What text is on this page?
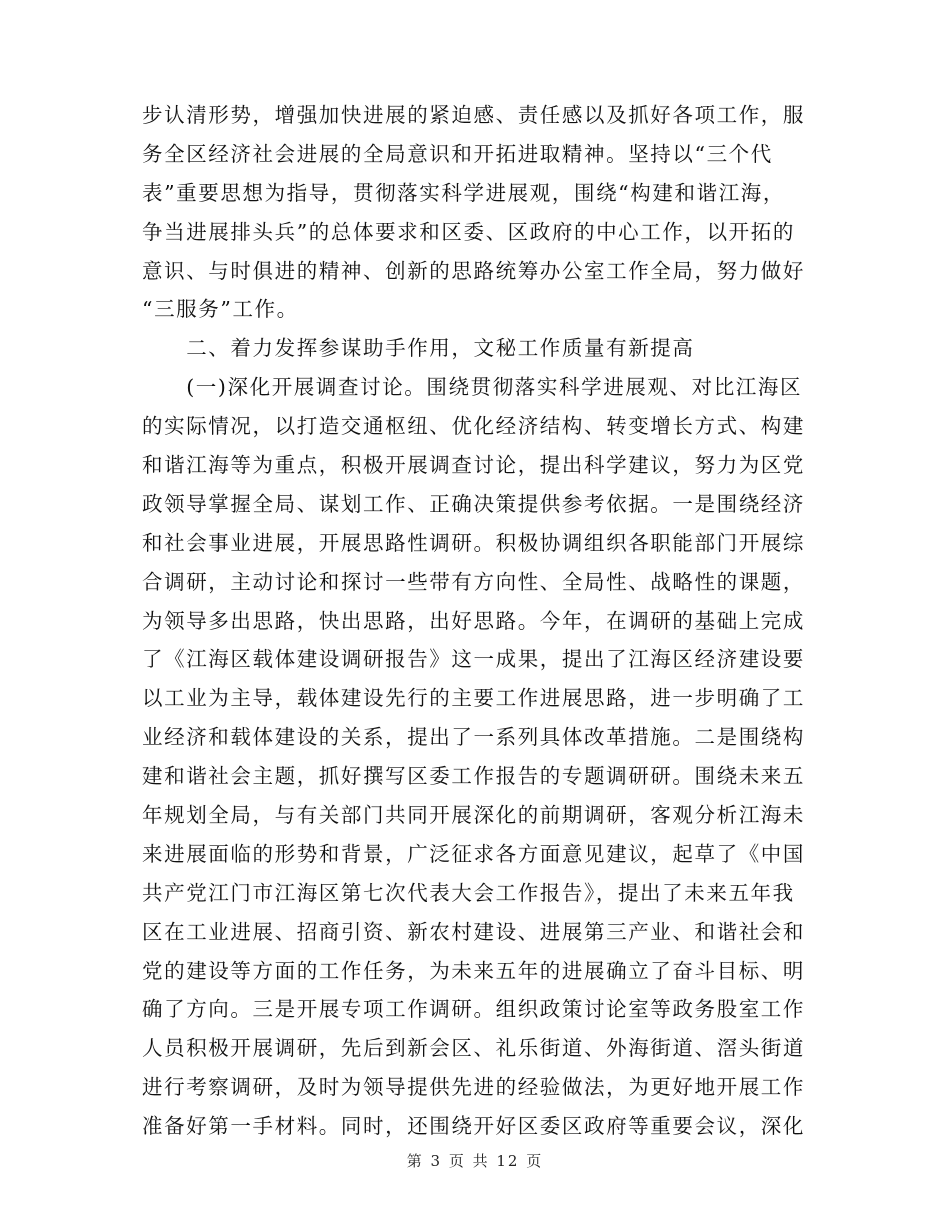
步认清形势，增强加快进展的紧迫感、责任感以及抓好各项工作，服
务全区经济社会进展的全局意识和开拓进取精神。坚持以“三个代
表”重要思想为指导，贯彻落实科学进展观，围绕“构建和谐江海，
争当进展排头兵”的总体要求和区委、区政府的中心工作，以开拓的
意识、与时俱进的精神、创新的思路统筹办公室工作全局，努力做好
“三服务”工作。
　　二、着力发挥参谋助手作用，文秘工作质量有新提高
　　(一)深化开展调查讨论。围绕贯彻落实科学进展观、对比江海区
的实际情况，以打造交通枢纽、优化经济结构、转变增长方式、构建
和谐江海等为重点，积极开展调查讨论，提出科学建议，努力为区党
政领导掌握全局、谋划工作、正确决策提供参考依据。一是围绕经济
和社会事业进展，开展思路性调研。积极协调组织各职能部门开展综
合调研，主动讨论和探讨一些带有方向性、全局性、战略性的课题，
为领导多出思路，快出思路，出好思路。今年，在调研的基础上完成
了《江海区载体建设调研报告》这一成果，提出了江海区经济建设要
以工业为主导，载体建设先行的主要工作进展思路，进一步明确了工
业经济和载体建设的关系，提出了一系列具体改革措施。二是围绕构
建和谐社会主题，抓好撰写区委工作报告的专题调研研。围绕未来五
年规划全局，与有关部门共同开展深化的前期调研，客观分析江海未
来进展面临的形势和背景，广泛征求各方面意见建议，起草了《中国
共产党江门市江海区第七次代表大会工作报告》，提出了未来五年我
区在工业进展、招商引资、新农村建设、进展第三产业、和谐社会和
党的建设等方面的工作任务，为未来五年的进展确立了奋斗目标、明
确了方向。三是开展专项工作调研。组织政策讨论室等政务股室工作
人员积极开展调研，先后到新会区、礼乐街道、外海街道、滘头街道
进行考察调研，及时为领导提供先进的经验做法，为更好地开展工作
准备好第一手材料。同时，还围绕开好区委区政府等重要会议，深化
第 3 页 共 12 页
